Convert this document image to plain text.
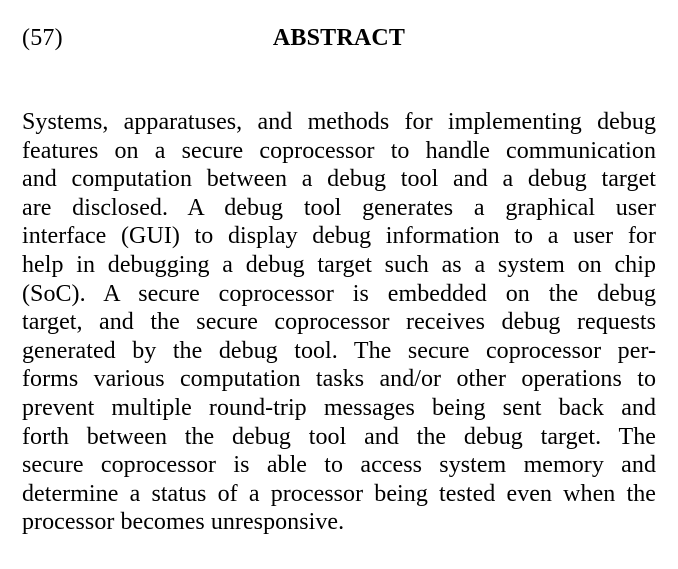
(57)	ABSTRACT

Systems, apparatuses, and methods for implementing debug
features on a secure coprocessor to handle communication
and computation between a debug tool and a debug target
are disclosed. A debug tool generates a graphical user
interface (GUI) to display debug information to a user for
help in debugging a debug target such as a system on chip
(SoC). A secure coprocessor is embedded on the debug
target, and the secure coprocessor receives debug requests
generated by the debug tool. The secure coprocessor per-
forms various computation tasks and/or other operations to
prevent multiple round-trip messages being sent back and
forth between the debug tool and the debug target. The
secure coprocessor is able to access system memory and
determine a status of a processor being tested even when the
processor becomes unresponsive.
